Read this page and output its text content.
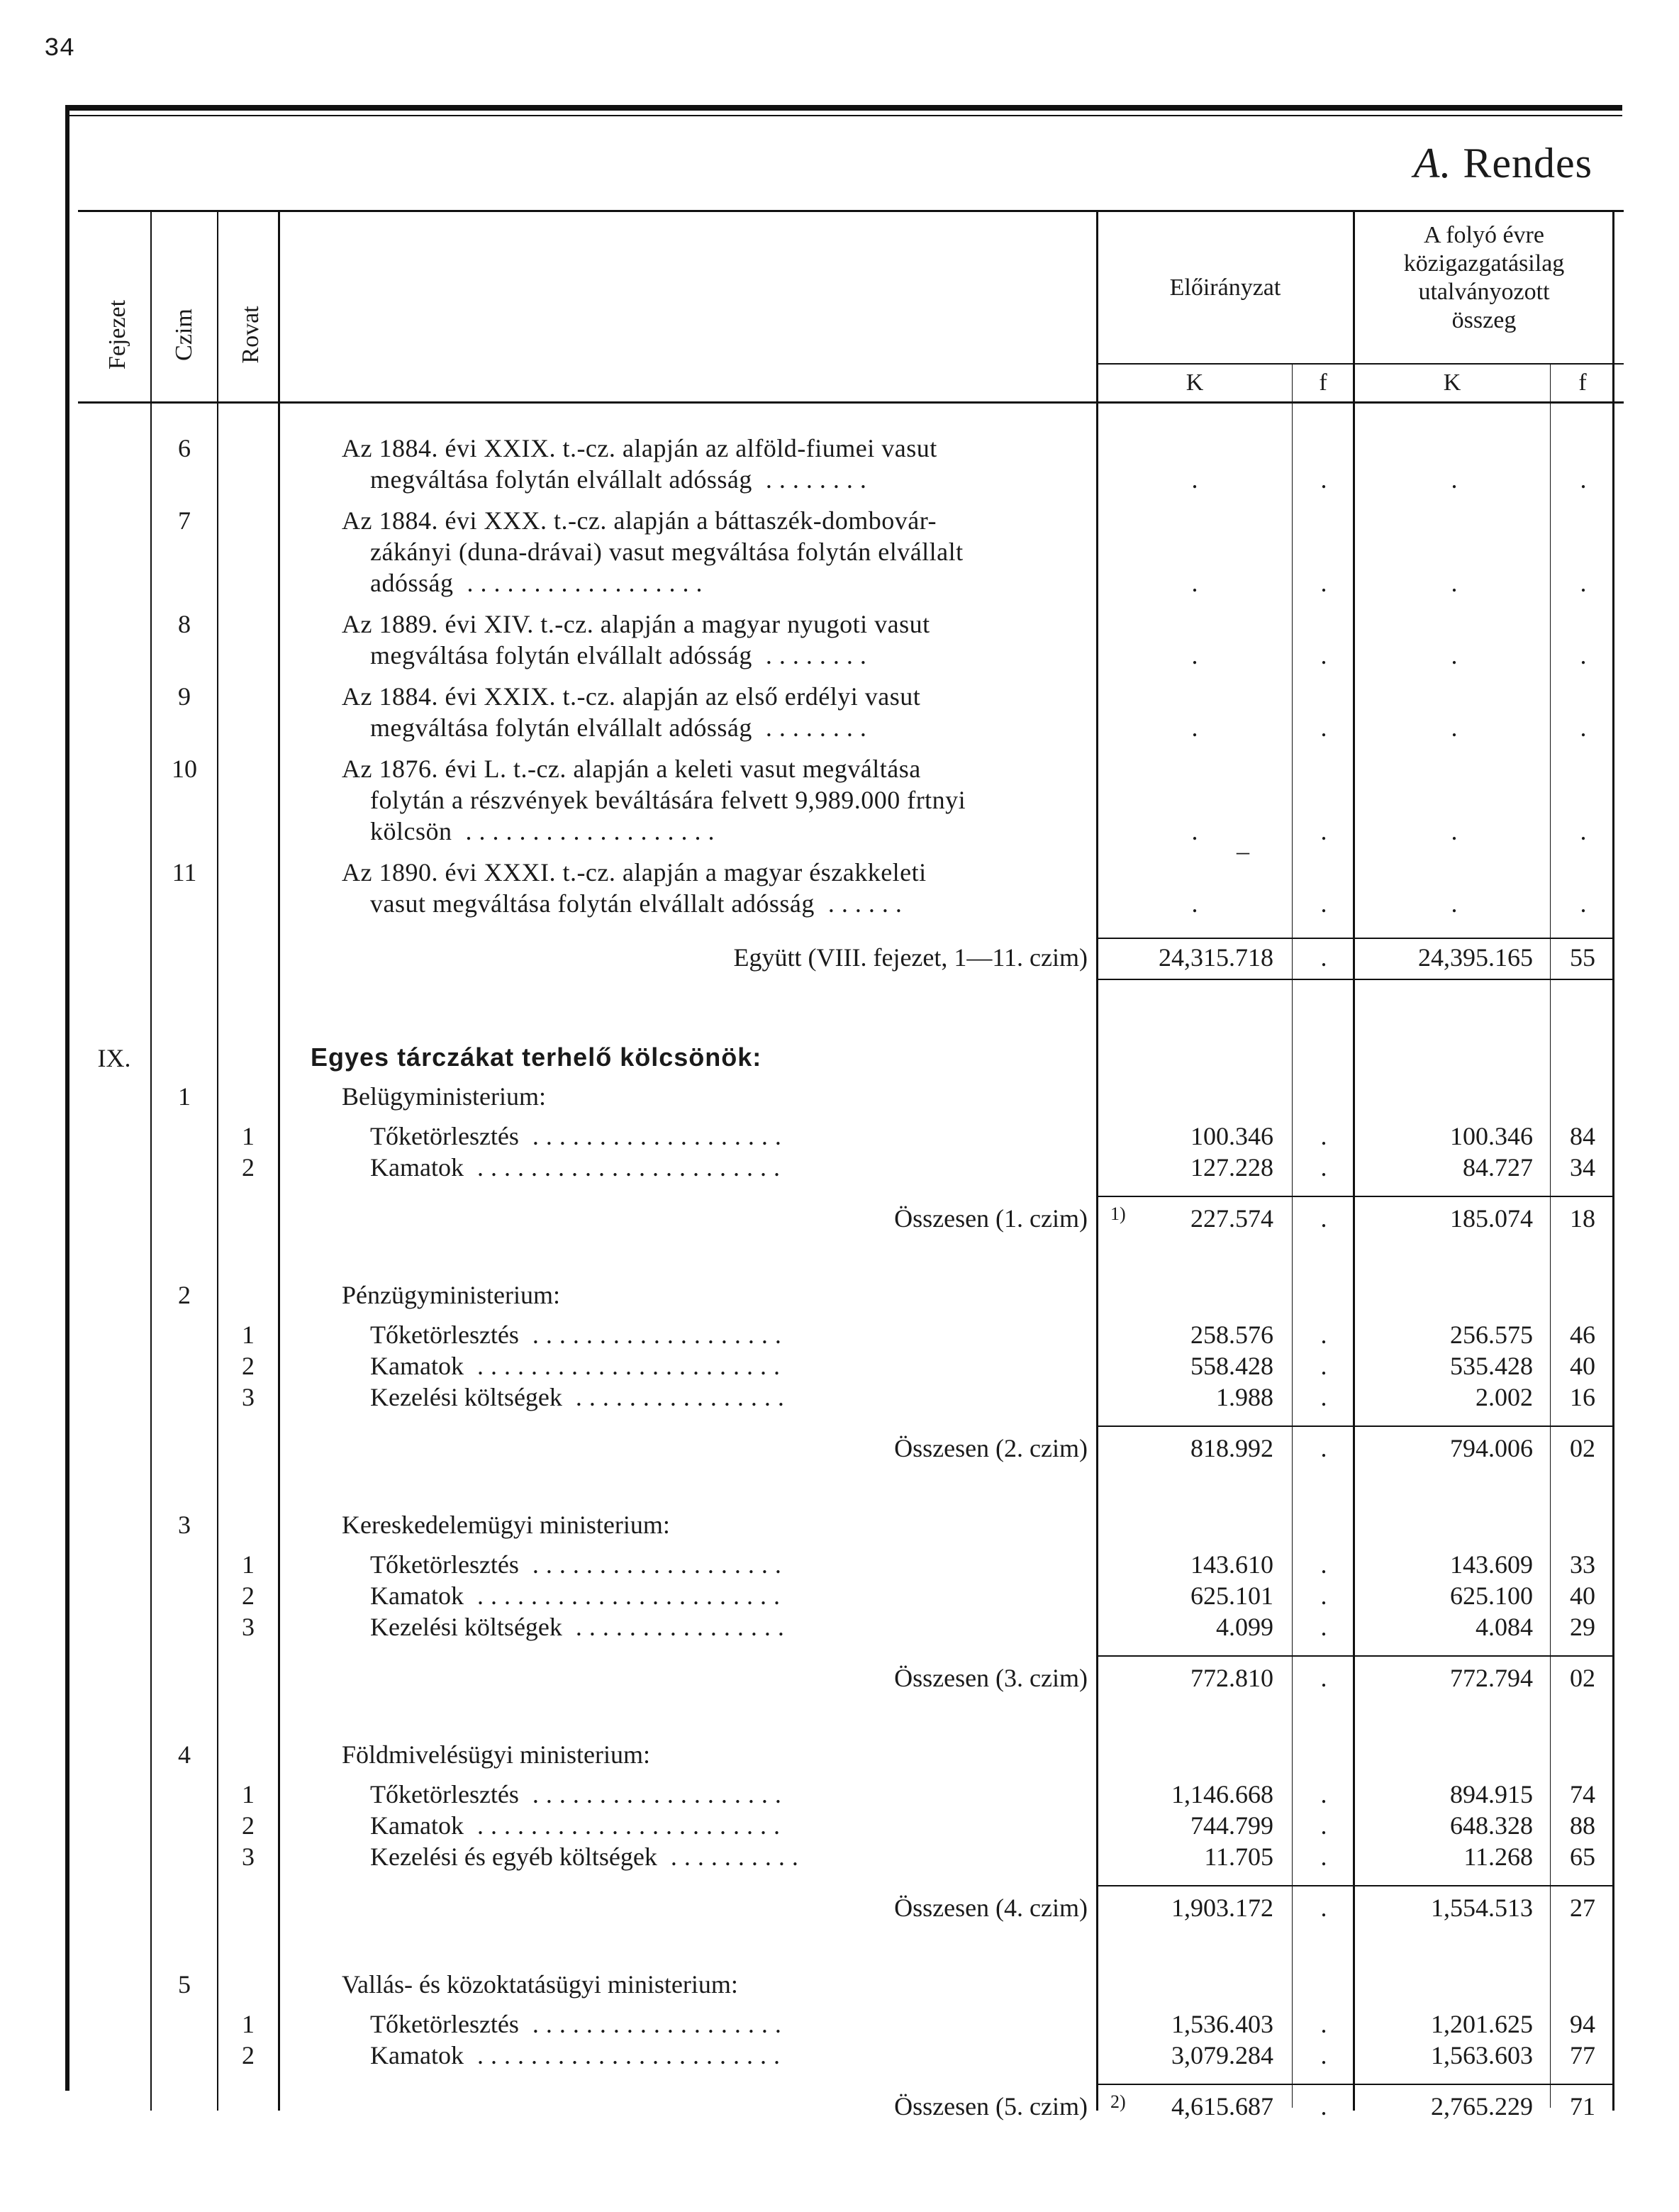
34
A. Rendes
Fejezet Czim Rovat
Előirányzat
A folyó évre
közigazgatásilag
utalványozott
összeg
K	f	K	f
6	Az 1884. évi XXIX. t.-cz. alapján az alföld-fiumei vasut
megváltása folytán elvállalt adósság ........	.	.	.	.
7	Az 1884. évi XXX. t.-cz. alapján a báttaszék-dombovár-
zákányi (duna-drávai) vasut megváltása folytán elvállalt
adósság ..................	.	.	.	.
8	Az 1889. évi XIV. t.-cz. alapján a magyar nyugoti vasut
megváltása folytán elvállalt adósság ........	.	.	.	.
9	Az 1884. évi XXIX. t.-cz. alapján az első erdélyi vasut
megváltása folytán elvállalt adósság ........	.	.	.	.
10	Az 1876. évi L. t.-cz. alapján a keleti vasut megváltása
folytán a részvények beváltására felvett 9,989.000 frtnyi
kölcsön ...................	.	.	.	.
11	Az 1890. évi XXXI. t.-cz. alapján a magyar északkeleti
vasut megváltása folytán elvállalt adósság ......	.	.	.	.
–
Együtt (VIII. fejezet, 1—11. czim)	24,315.718 .	24,395.165	55
IX.	Egyes tárczákat terhelő kölcsönök:
1	Belügyministerium:
1	Tőketörlesztés ...................	100.346 .	100.346	84
2	Kamatok .......................	127.228 .	84.727	34
Összesen (1. czim) 1)	227.574 .	185.074	18
2	Pénzügyministerium:
1	Tőketörlesztés ...................	258.576 .	256.575	46
2	Kamatok .......................	558.428 .	535.428	40
3	Kezelési költségek ................	1.988 .	2.002	16
Összesen (2. czim)	818.992 .	794.006	02
3	Kereskedelemügyi ministerium:
1	Tőketörlesztés ...................	143.610 .	143.609	33
2	Kamatok .......................	625.101 .	625.100	40
3	Kezelési költségek ................	4.099 .	4.084	29
Összesen (3. czim)	772.810 .	772.794	02
4	Földmivelésügyi ministerium:
1	Tőketörlesztés ...................	1,146.668 .	894.915	74
2	Kamatok .......................	744.799 .	648.328	88
3	Kezelési és egyéb költségek ..........	11.705 .	11.268	65
Összesen (4. czim)	1,903.172 .	1,554.513	27
5	Vallás- és közoktatásügyi ministerium:
1	Tőketörlesztés ...................	1,536.403 .	1,201.625	94
2	Kamatok .......................	3,079.284 .	1,563.603	77
Összesen (5. czim) 2)	4,615.687 .	2,765.229	71
